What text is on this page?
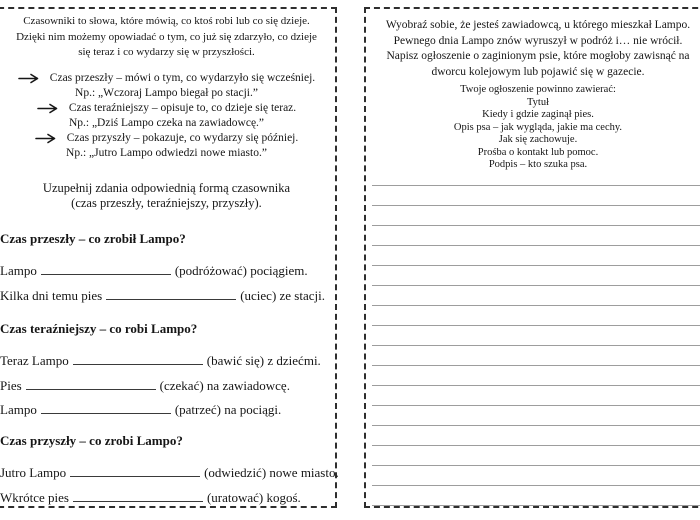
Czasowniki to słowa, które mówią, co ktoś robi lub co się dzieje.
Dzięki nim możemy opowiadać o tym, co już się zdarzyło, co dzieje
się teraz i co wydarzy się w przyszłości.
Czas przeszły – mówi o tym, co wydarzyło się wcześniej.
Np.: „Wczoraj Lampo biegał po stacji.”
Czas teraźniejszy – opisuje to, co dzieje się teraz.
Np.: „Dziś Lampo czeka na zawiadowcę.”
Czas przyszły – pokazuje, co wydarzy się później.
Np.: „Jutro Lampo odwiedzi nowe miasto.”
Uzupełnij zdania odpowiednią formą czasownika
(czas przeszły, teraźniejszy, przyszły).
Czas przeszły – co zrobił Lampo?
Lampo	(podróżować) pociągiem.
Kilka dni temu pies	(uciec) ze stacji.
Czas teraźniejszy – co robi Lampo?
Teraz Lampo	(bawić się) z dziećmi.
Pies	(czekać) na zawiadowcę.
Lampo	(patrzeć) na pociągi.
Czas przyszły – co zrobi Lampo?
Jutro Lampo	(odwiedzić) nowe miasto.
Wkrótce pies	(uratować) kogoś.
Wyobraź sobie, że jesteś zawiadowcą, u którego mieszkał Lampo.
Pewnego dnia Lampo znów wyruszył w podróż i… nie wrócił.
Napisz ogłoszenie o zaginionym psie, które mogłoby zawisnąć na
dworcu kolejowym lub pojawić się w gazecie.
Twoje ogłoszenie powinno zawierać:
Tytuł
Kiedy i gdzie zaginął pies.
Opis psa – jak wygląda, jakie ma cechy.
Jak się zachowuje.
Prośba o kontakt lub pomoc.
Podpis – kto szuka psa.
